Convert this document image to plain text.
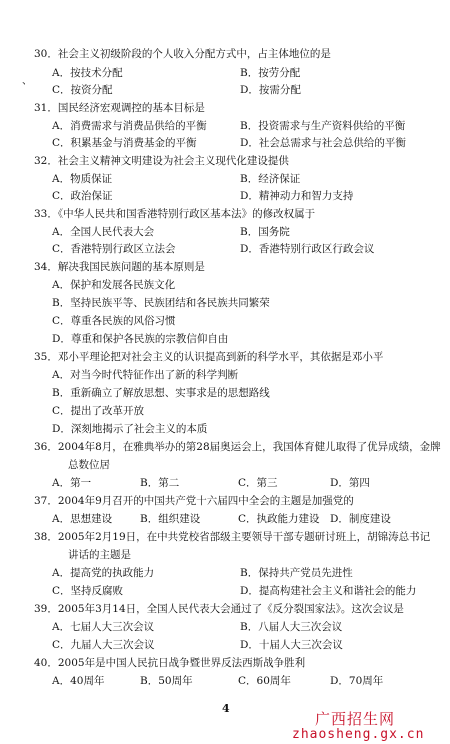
、
30．社会主义初级阶段的个人收入分配方式中，占主体地位的是
A．按技术分配	B．按劳分配
C．按资分配	D．按需分配
31．国民经济宏观调控的基本目标是
A．消费需求与消费品供给的平衡	B．投资需求与生产资料供给的平衡
C．积累基金与消费基金的平衡	D．社会总需求与社会总供给的平衡
32．社会主义精神文明建设为社会主义现代化建设提供
A．物质保证	B．经济保证
C．政治保证	D．精神动力和智力支持
33．《中华人民共和国香港特别行政区基本法》的修改权属于
A．全国人民代表大会	B．国务院
C．香港特别行政区立法会	D．香港特别行政区行政会议
34．解决我国民族问题的基本原则是
A．保护和发展各民族文化
B．坚持民族平等、民族团结和各民族共同繁荣
C．尊重各民族的风俗习惯
D．尊重和保护各民族的宗教信仰自由
35．邓小平理论把对社会主义的认识提高到新的科学水平，其依据是邓小平
A．对当今时代特征作出了新的科学判断
B．重新确立了解放思想、实事求是的思想路线
C．提出了改革开放
D．深刻地揭示了社会主义的本质
36．2004年8月，在雅典举办的第28届奥运会上，我国体育健儿取得了优异成绩，金牌
总数位居
A．第一	B．第二	C．第三	D．第四
37．2004年9月召开的中国共产党十六届四中全会的主题是加强党的
A．思想建设	B．组织建设	C．执政能力建设 D．制度建设
38．2005年2月19日，在中共党校省部级主要领导干部专题研讨班上，胡锦涛总书记
讲话的主题是
A．提高党的执政能力	B．保持共产党员先进性
C．坚持反腐败	D．提高构建社会主义和谐社会的能力
39．2005年3月14日，全国人民代表大会通过了《反分裂国家法》。这次会议是
A．七届人大三次会议	B．八届人大三次会议
C．九届人大三次会议	D．十届人大三次会议
40．2005年是中国人民抗日战争暨世界反法西斯战争胜利
A．40周年	B．50周年	C．60周年	D．70周年
4
广西招生网
zhaosheng.gx.cn
